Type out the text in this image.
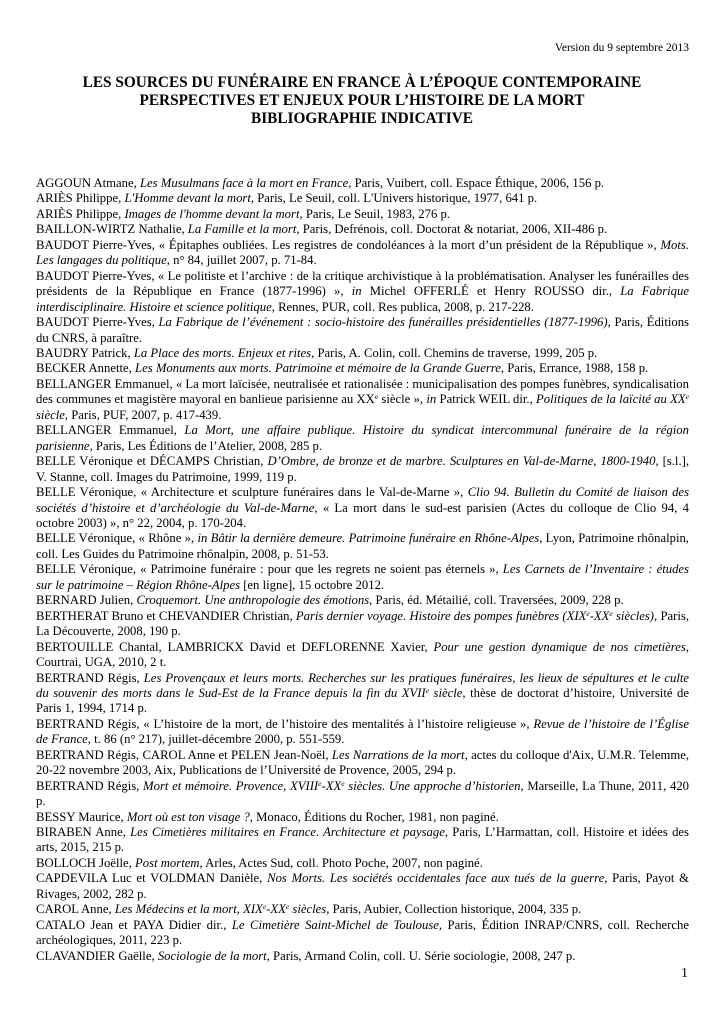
Version du 9 septembre 2013
LES SOURCES DU FUNÉRAIRE EN FRANCE À L’ÉPOQUE CONTEMPORAINE
PERSPECTIVES ET ENJEUX POUR L’HISTOIRE DE LA MORT
BIBLIOGRAPHIE INDICATIVE

AGGOUN Atmane, Les Musulmans face à la mort en France, Paris, Vuibert, coll. Espace Éthique, 2006, 156 p.

ARIÈS Philippe, L'Homme devant la mort, Paris, Le Seuil, coll. L'Univers historique, 1977, 641 p.

ARIÈS Philippe, Images de l'homme devant la mort, Paris, Le Seuil, 1983, 276 p.

BAILLON-WIRTZ Nathalie, La Famille et la mort, Paris, Defrénois, coll. Doctorat & notariat, 2006, XII-486 p.

BAUDOT Pierre-Yves, « Épitaphes oubliées. Les registres de condoléances à la mort d’un président de la République », Mots. Les langages du politique, n° 84, juillet 2007, p. 71-84.

BAUDOT Pierre-Yves, « Le politiste et l’archive : de la critique archivistique à la problématisation. Analyser les funérailles des présidents de la République en France (1877-1996) », in Michel OFFERLÉ et Henry ROUSSO dir., La Fabrique interdisciplinaire. Histoire et science politique, Rennes, PUR, coll. Res publica, 2008, p. 217-228.

BAUDOT Pierre-Yves, La Fabrique de l’événement : socio-histoire des funérailles présidentielles (1877-1996), Paris, Éditions du CNRS, à paraître.

BAUDRY Patrick, La Place des morts. Enjeux et rites, Paris, A. Colin, coll. Chemins de traverse, 1999, 205 p.

BECKER Annette, Les Monuments aux morts. Patrimoine et mémoire de la Grande Guerre, Paris, Errance, 1988, 158 p.

BELLANGER Emmanuel, « La mort laïcisée, neutralisée et rationalisée : municipalisation des pompes funèbres, syndicalisation des communes et magistère mayoral en banlieue parisienne au XXe siècle », in Patrick WEIL dir., Politiques de la laïcité au XXe siècle, Paris, PUF, 2007, p. 417-439.

BELLANGER Emmanuel, La Mort, une affaire publique. Histoire du syndicat intercommunal funéraire de la région parisienne, Paris, Les Éditions de l’Atelier, 2008, 285 p.

BELLE Véronique et DÉCAMPS Christian, D’Ombre, de bronze et de marbre. Sculptures en Val-de-Marne, 1800-1940, [s.l.], V. Stanne, coll. Images du Patrimoine, 1999, 119 p.

BELLE Véronique, « Architecture et sculpture funéraires dans le Val-de-Marne », Clio 94. Bulletin du Comité de liaison des sociétés d’histoire et d’archéologie du Val-de-Marne, « La mort dans le sud-est parisien (Actes du colloque de Clio 94, 4 octobre 2003) », n° 22, 2004, p. 170-204.

BELLE Véronique, « Rhône », in Bâtir la dernière demeure. Patrimoine funéraire en Rhône-Alpes, Lyon, Patrimoine rhônalpin, coll. Les Guides du Patrimoine rhônalpin, 2008, p. 51-53.

BELLE Véronique, « Patrimoine funéraire : pour que les regrets ne soient pas éternels », Les Carnets de l’Inventaire : études sur le patrimoine – Région Rhône-Alpes [en ligne], 15 octobre 2012.

BERNARD Julien, Croquemort. Une anthropologie des émotions, Paris, éd. Métailié, coll. Traversées, 2009, 228 p.

BERTHERAT Bruno et CHEVANDIER Christian, Paris dernier voyage. Histoire des pompes funèbres (XIXe-XXe siècles), Paris, La Découverte, 2008, 190 p.

BERTOUILLE Chantal, LAMBRICKX David et DEFLORENNE Xavier, Pour une gestion dynamique de nos cimetières, Courtrai, UGA, 2010, 2 t.

BERTRAND Régis, Les Provençaux et leurs morts. Recherches sur les pratiques funéraires, les lieux de sépultures et le culte du souvenir des morts dans le Sud-Est de la France depuis la fin du XVIIe siècle, thèse de doctorat d’histoire, Université de Paris 1, 1994, 1714 p.

BERTRAND Régis, « L’histoire de la mort, de l’histoire des mentalités à l’histoire religieuse », Revue de l’histoire de l’Église de France, t. 86 (n° 217), juillet-décembre 2000, p. 551-559.

BERTRAND Régis, CAROL Anne et PELEN Jean-Noël, Les Narrations de la mort, actes du colloque d'Aix, U.M.R. Telemme, 20-22 novembre 2003, Aix, Publications de l’Université de Provence, 2005, 294 p.

BERTRAND Régis, Mort et mémoire. Provence, XVIIIe-XXe siècles. Une approche d’historien, Marseille, La Thune, 2011, 420 p.

BESSY Maurice, Mort où est ton visage ?, Monaco, Éditions du Rocher, 1981, non paginé.

BIRABEN Anne, Les Cimetières militaires en France. Architecture et paysage, Paris, L’Harmattan, coll. Histoire et idées des arts, 2015, 215 p.

BOLLOCH Joëlle, Post mortem, Arles, Actes Sud, coll. Photo Poche, 2007, non paginé.

CAPDEVILA Luc et VOLDMAN Danièle, Nos Morts. Les sociétés occidentales face aux tués de la guerre, Paris, Payot & Rivages, 2002, 282 p.

CAROL Anne, Les Médecins et la mort, XIXe-XXe siècles, Paris, Aubier, Collection historique, 2004, 335 p.

CATALO Jean et PAYA Didier dir., Le Cimetière Saint-Michel de Toulouse, Paris, Édition INRAP/CNRS, coll. Recherche archéologiques, 2011, 223 p.

CLAVANDIER Gaëlle, Sociologie de la mort, Paris, Armand Colin, coll. U. Série sociologie, 2008, 247 p.

1
